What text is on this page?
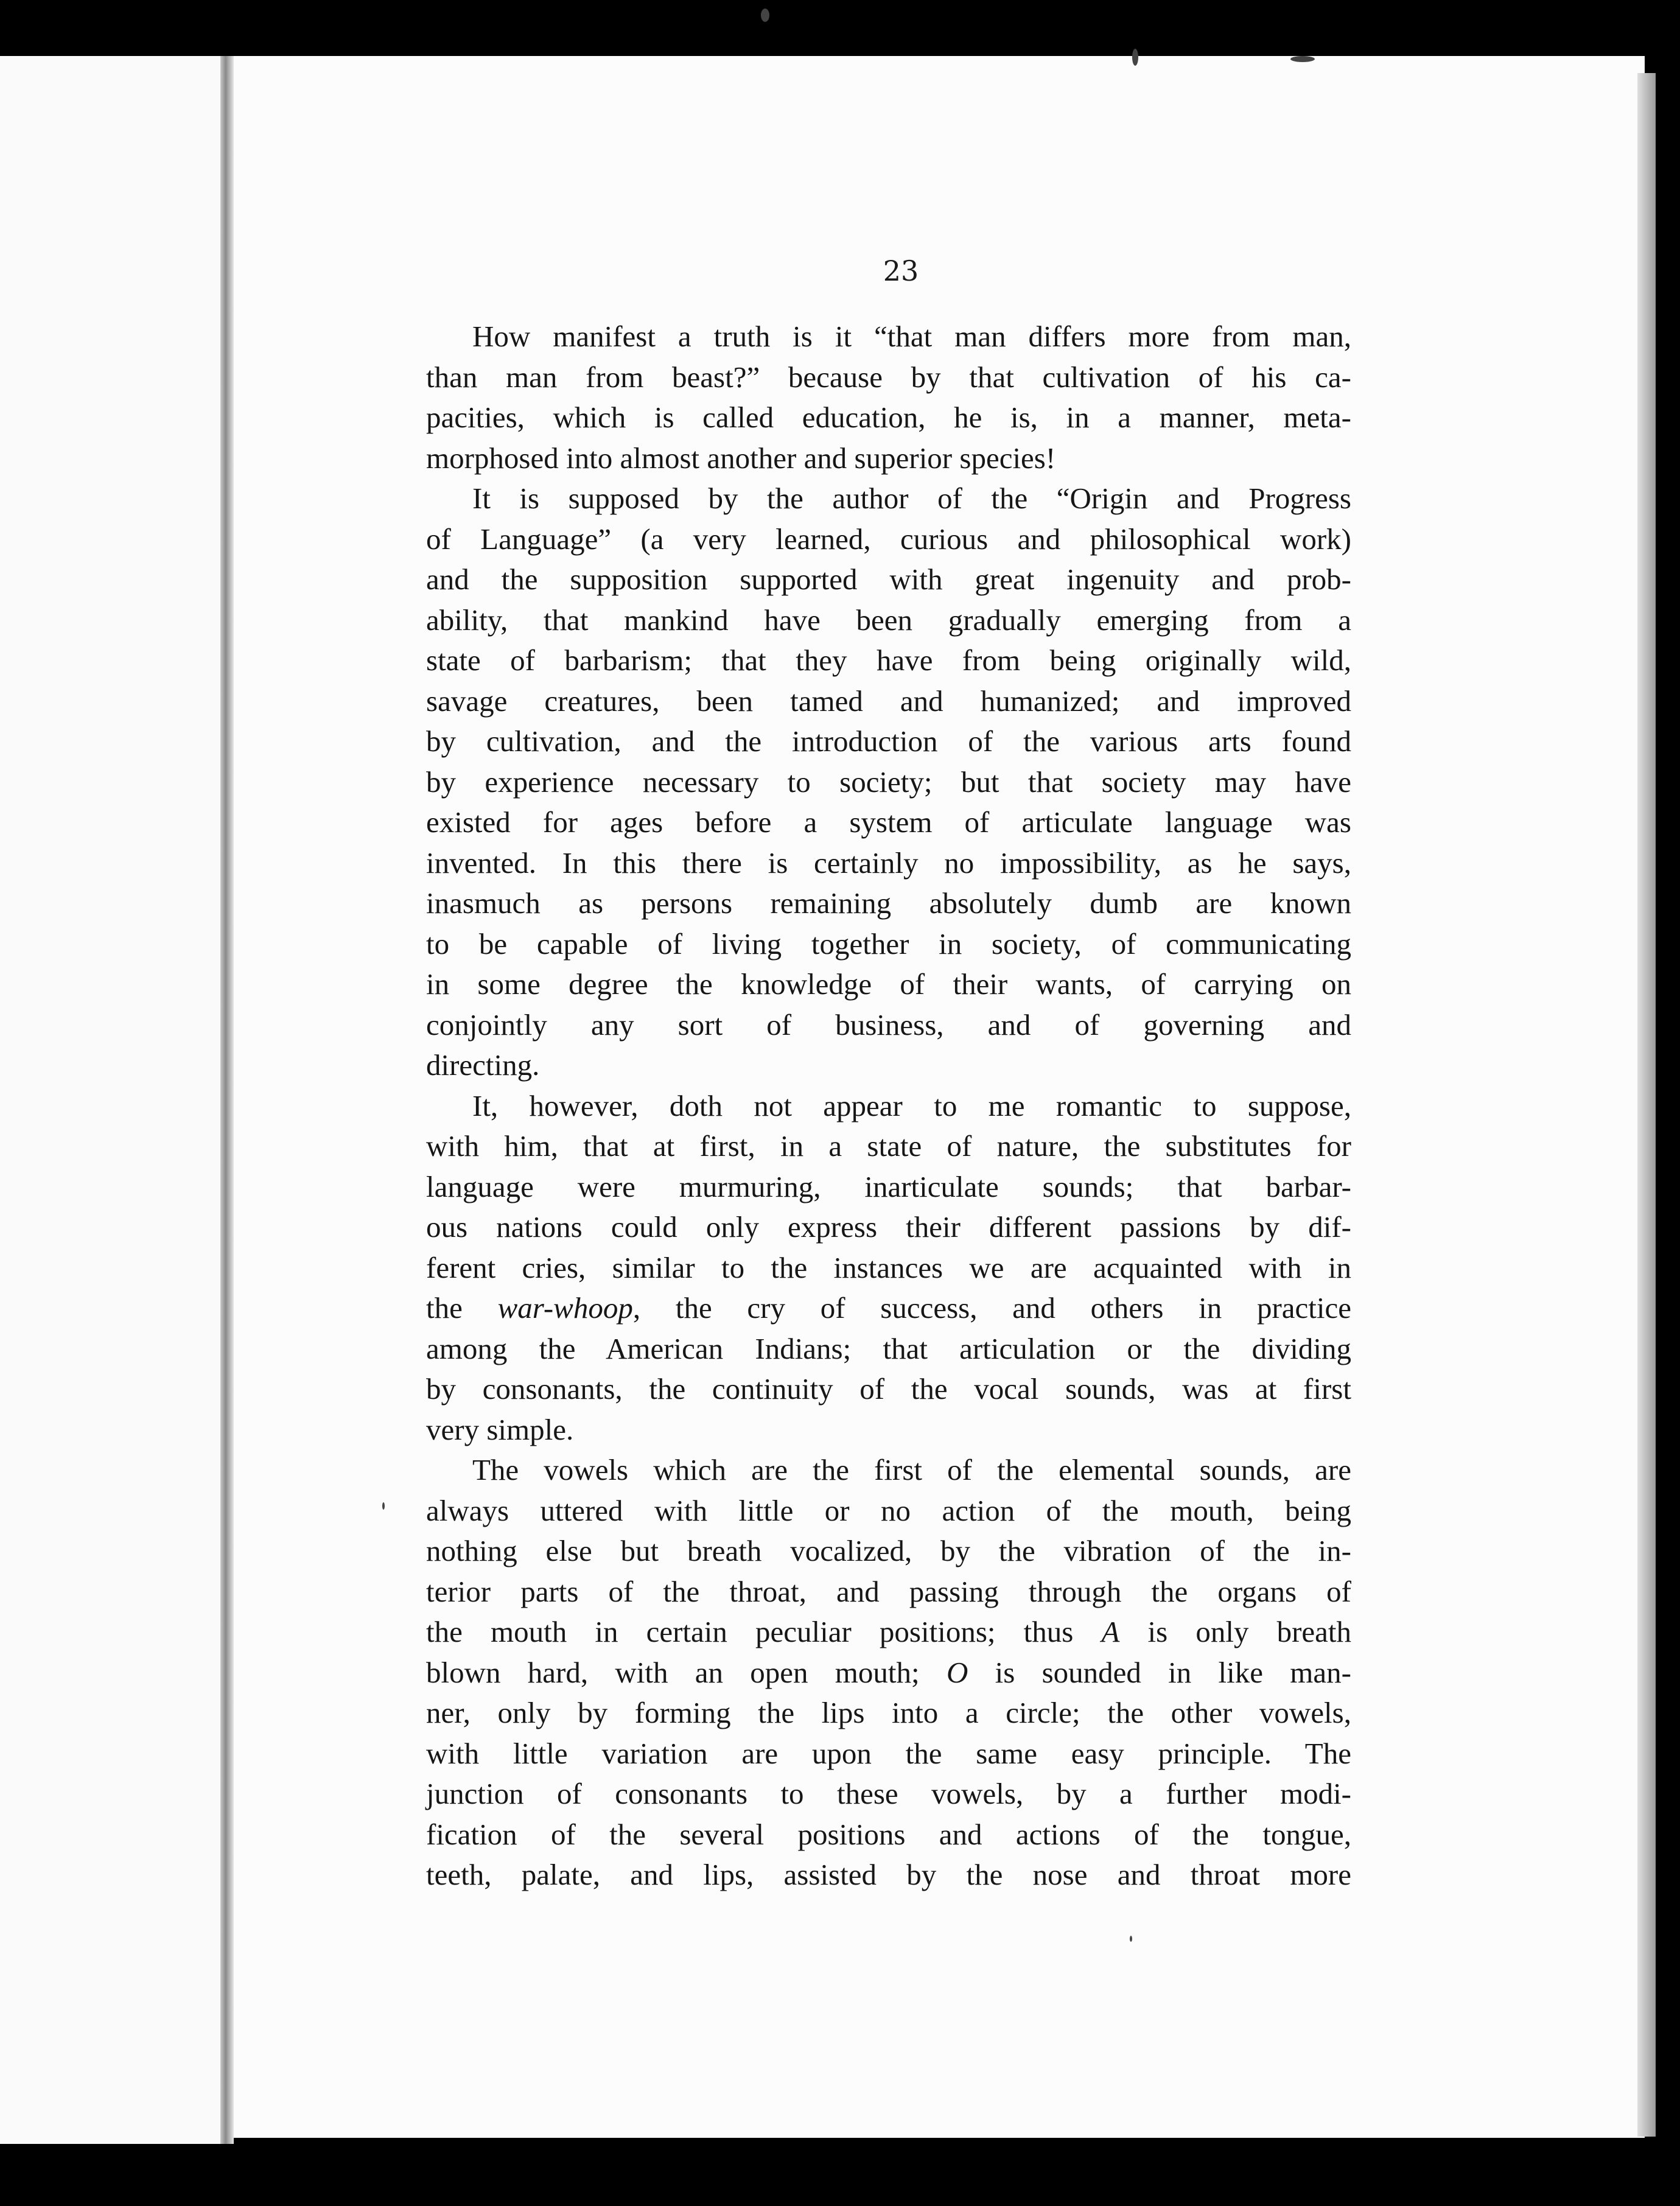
23
How manifest a truth is it “that man differs more from man,
than man from beast?” because by that cultivation of his ca-
pacities, which is called education, he is, in a manner, meta-
morphosed into almost another and superior species!
It is supposed by the author of the “Origin and Progress
of Language” (a very learned, curious and philosophical work)
and the supposition supported with great ingenuity and prob-
ability, that mankind have been gradually emerging from a
state of barbarism; that they have from being originally wild,
savage creatures, been tamed and humanized; and improved
by cultivation, and the introduction of the various arts found
by experience necessary to society; but that society may have
existed for ages before a system of articulate language was
invented. In this there is certainly no impossibility, as he says,
inasmuch as persons remaining absolutely dumb are known
to be capable of living together in society, of communicating
in some degree the knowledge of their wants, of carrying on
conjointly any sort of business, and of governing and
directing.
It, however, doth not appear to me romantic to suppose,
with him, that at first, in a state of nature, the substitutes for
language were murmuring, inarticulate sounds; that barbar-
ous nations could only express their different passions by dif-
ferent cries, similar to the instances we are acquainted with in
the war-whoop, the cry of success, and others in practice
among the American Indians; that articulation or the dividing
by consonants, the continuity of the vocal sounds, was at first
very simple.
The vowels which are the first of the elemental sounds, are
always uttered with little or no action of the mouth, being
nothing else but breath vocalized, by the vibration of the in-
terior parts of the throat, and passing through the organs of
the mouth in certain peculiar positions; thus A is only breath
blown hard, with an open mouth; O is sounded in like man-
ner, only by forming the lips into a circle; the other vowels,
with little variation are upon the same easy principle. The
junction of consonants to these vowels, by a further modi-
fication of the several positions and actions of the tongue,
teeth, palate, and lips, assisted by the nose and throat more
